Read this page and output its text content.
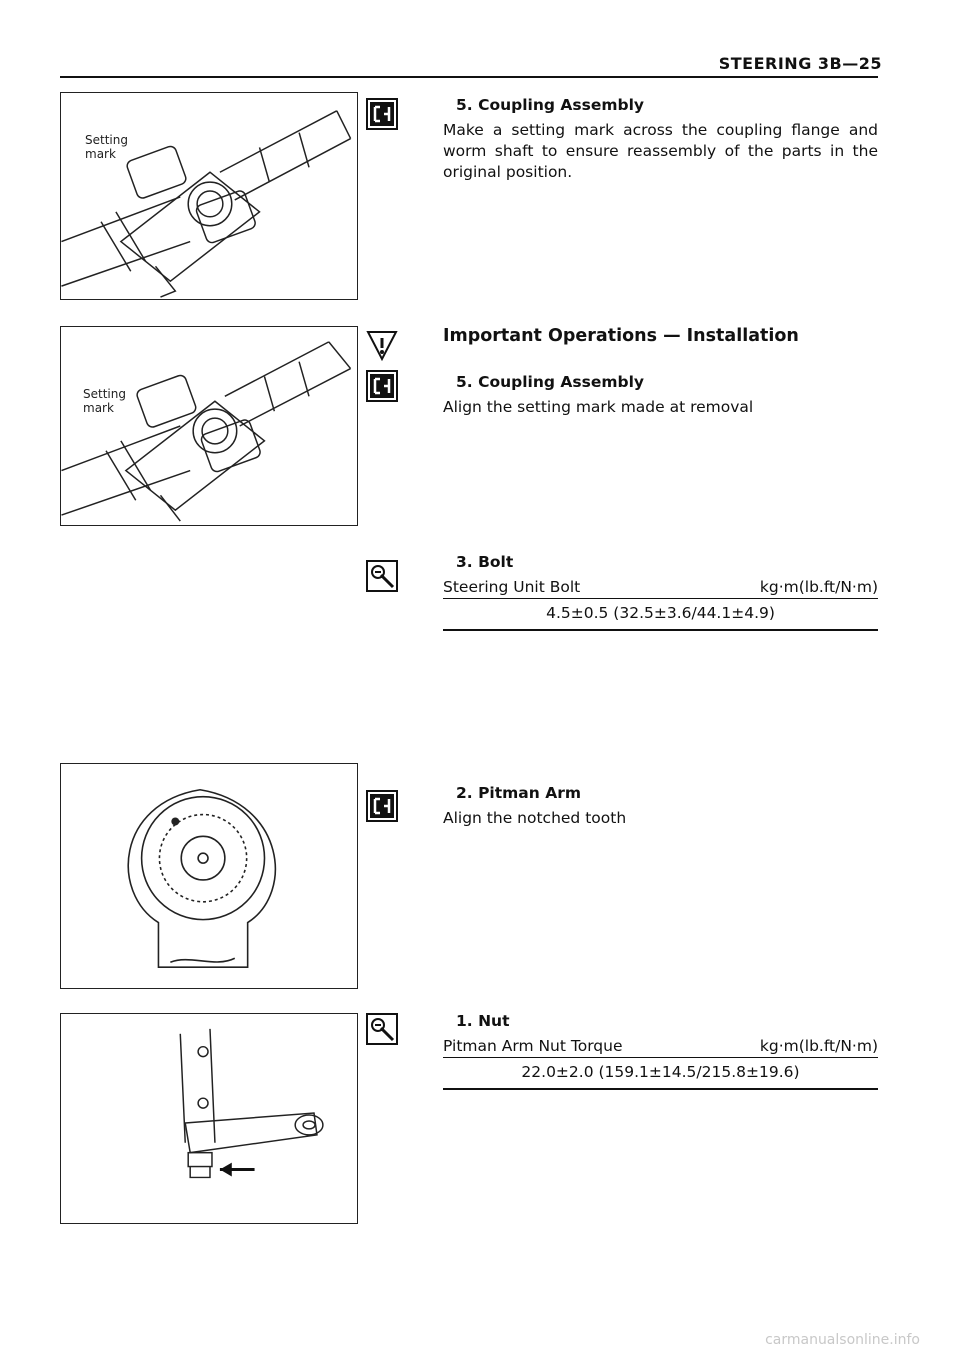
STEERING 3B—25
Setting
mark
Setting
mark
5. Coupling Assembly
Make a setting mark across the coupling flange and worm shaft to ensure reassembly of the parts in the original position.
Important Operations — Installation
5. Coupling Assembly
Align the setting mark made at removal
3. Bolt
Steering Unit Bolt	kg·m(lb.ft/N·m)
4.5±0.5 (32.5±3.6/44.1±4.9)
2. Pitman Arm
Align the notched tooth
1. Nut
Pitman Arm Nut Torque	kg·m(lb.ft/N·m)
22.0±2.0 (159.1±14.5/215.8±19.6)
carmanualsonline.info
